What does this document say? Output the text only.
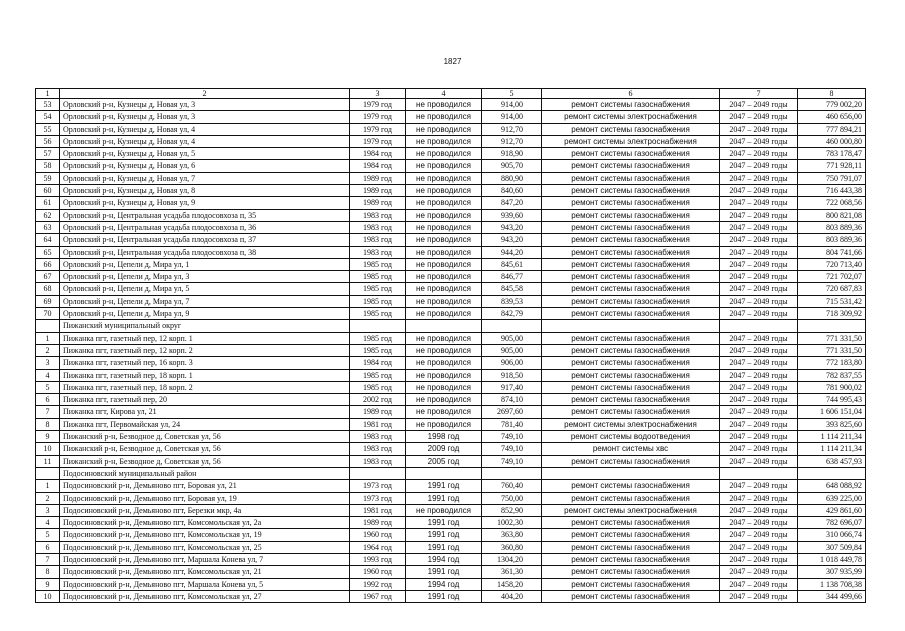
1827
1	2	3	4	5	6	7	8
53	Орловский р-н, Кузнецы д, Новая ул, 3	1979 год	не проводился	914,00	ремонт системы газоснабжения	2047 – 2049 годы	779 002,20
54	Орловский р-н, Кузнецы д, Новая ул, 3	1979 год	не проводился	914,00	ремонт системы электроснабжения	2047 – 2049 годы	460 656,00
55	Орловский р-н, Кузнецы д, Новая ул, 4	1979 год	не проводился	912,70	ремонт системы газоснабжения	2047 – 2049 годы	777 894,21
56	Орловский р-н, Кузнецы д, Новая ул, 4	1979 год	не проводился	912,70	ремонт системы электроснабжения	2047 – 2049 годы	460 000,80
57	Орловский р-н, Кузнецы д, Новая ул, 5	1984 год	не проводился	918,90	ремонт системы газоснабжения	2047 – 2049 годы	783 178,47
58	Орловский р-н, Кузнецы д, Новая ул, 6	1984 год	не проводился	905,70	ремонт системы газоснабжения	2047 – 2049 годы	771 928,11
59	Орловский р-н, Кузнецы д, Новая ул, 7	1989 год	не проводился	880,90	ремонт системы газоснабжения	2047 – 2049 годы	750 791,07
60	Орловский р-н, Кузнецы д, Новая ул, 8	1989 год	не проводился	840,60	ремонт системы газоснабжения	2047 – 2049 годы	716 443,38
61	Орловский р-н, Кузнецы д, Новая ул, 9	1989 год	не проводился	847,20	ремонт системы газоснабжения	2047 – 2049 годы	722 068,56
62	Орловский р-н, Центральная усадьба плодосовхоза п, 35	1983 год	не проводился	939,60	ремонт системы газоснабжения	2047 – 2049 годы	800 821,08
63	Орловский р-н, Центральная усадьба плодосовхоза п, 36	1983 год	не проводился	943,20	ремонт системы газоснабжения	2047 – 2049 годы	803 889,36
64	Орловский р-н, Центральная усадьба плодосовхоза п, 37	1983 год	не проводился	943,20	ремонт системы газоснабжения	2047 – 2049 годы	803 889,36
65	Орловский р-н, Центральная усадьба плодосовхоза п, 38	1983 год	не проводился	944,20	ремонт системы газоснабжения	2047 – 2049 годы	804 741,66
66	Орловский р-н, Цепели д, Мира ул, 1	1985 год	не проводился	845,61	ремонт системы газоснабжения	2047 – 2049 годы	720 713,40
67	Орловский р-н, Цепели д, Мира ул, 3	1985 год	не проводился	846,77	ремонт системы газоснабжения	2047 – 2049 годы	721 702,07
68	Орловский р-н, Цепели д, Мира ул, 5	1985 год	не проводился	845,58	ремонт системы газоснабжения	2047 – 2049 годы	720 687,83
69	Орловский р-н, Цепели д, Мира ул, 7	1985 год	не проводился	839,53	ремонт системы газоснабжения	2047 – 2049 годы	715 531,42
70	Орловский р-н, Цепели д, Мира ул, 9	1985 год	не проводился	842,79	ремонт системы газоснабжения	2047 – 2049 годы	718 309,92
	Пижанский муниципальный округ						
1	Пижанка пгт, газетный пер, 12 корп. 1	1985 год	не проводился	905,00	ремонт системы газоснабжения	2047 – 2049 годы	771 331,50
2	Пижанка пгт, газетный пер, 12 корп. 2	1985 год	не проводился	905,00	ремонт системы газоснабжения	2047 – 2049 годы	771 331,50
3	Пижанка пгт, газетный пер, 16 корп. 3	1984 год	не проводился	906,00	ремонт системы газоснабжения	2047 – 2049 годы	772 183,80
4	Пижанка пгт, газетный пер, 18 корп. 1	1985 год	не проводился	918,50	ремонт системы газоснабжения	2047 – 2049 годы	782 837,55
5	Пижанка пгт, газетный пер, 18 корп. 2	1985 год	не проводился	917,40	ремонт системы газоснабжения	2047 – 2049 годы	781 900,02
6	Пижанка пгт, газетный пер, 20	2002 год	не проводился	874,10	ремонт системы газоснабжения	2047 – 2049 годы	744 995,43
7	Пижанка пгт, Кирова ул, 21	1989 год	не проводился	2697,60	ремонт системы газоснабжения	2047 – 2049 годы	1 606 151,04
8	Пижанка пгт, Первомайская ул, 24	1981 год	не проводился	781,40	ремонт системы электроснабжения	2047 – 2049 годы	393 825,60
9	Пижанский р-н, Безводное д, Советская ул, 56	1983 год	1998 год	749,10	ремонт системы водоотведения	2047 – 2049 годы	1 114 211,34
10	Пижанский р-н, Безводное д, Советская ул, 56	1983 год	2009 год	749,10	ремонт системы хвс	2047 – 2049 годы	1 114 211,34
11	Пижанский р-н, Безводное д, Советская ул, 56	1983 год	2005 год	749,10	ремонт системы газоснабжения	2047 – 2049 годы	638 457,93
	Подосиновский муниципальный район						
1	Подосиновский р-н, Демьяново пгт, Боровая ул, 21	1973 год	1991 год	760,40	ремонт системы газоснабжения	2047 – 2049 годы	648 088,92
2	Подосиновский р-н, Демьяново пгт, Боровая ул, 19	1973 год	1991 год	750,00	ремонт системы газоснабжения	2047 – 2049 годы	639 225,00
3	Подосиновский р-н, Демьяново пгт, Березки мкр, 4а	1981 год	не проводился	852,90	ремонт системы электроснабжения	2047 – 2049 годы	429 861,60
4	Подосиновский р-н, Демьяново пгт, Комсомольская ул, 2а	1989 год	1991 год	1002,30	ремонт системы газоснабжения	2047 – 2049 годы	782 696,07
5	Подосиновский р-н, Демьяново пгт, Комсомольская ул, 19	1960 год	1991 год	363,80	ремонт системы газоснабжения	2047 – 2049 годы	310 066,74
6	Подосиновский р-н, Демьяново пгт, Комсомольская ул, 25	1964 год	1991 год	360,80	ремонт системы газоснабжения	2047 – 2049 годы	307 509,84
7	Подосиновский р-н, Демьяново пгт, Маршала Конева ул, 7	1993 год	1994 год	1304,20	ремонт системы газоснабжения	2047 – 2049 годы	1 018 449,78
8	Подосиновский р-н, Демьяново пгт, Комсомольская ул, 21	1960 год	1991 год	361,30	ремонт системы газоснабжения	2047 – 2049 годы	307 935,99
9	Подосиновский р-н, Демьяново пгт, Маршала Конева ул, 5	1992 год	1994 год	1458,20	ремонт системы газоснабжения	2047 – 2049 годы	1 138 708,38
10	Подосиновский р-н, Демьяново пгт, Комсомольская ул, 27	1967 год	1991 год	404,20	ремонт системы газоснабжения	2047 – 2049 годы	344 499,66
